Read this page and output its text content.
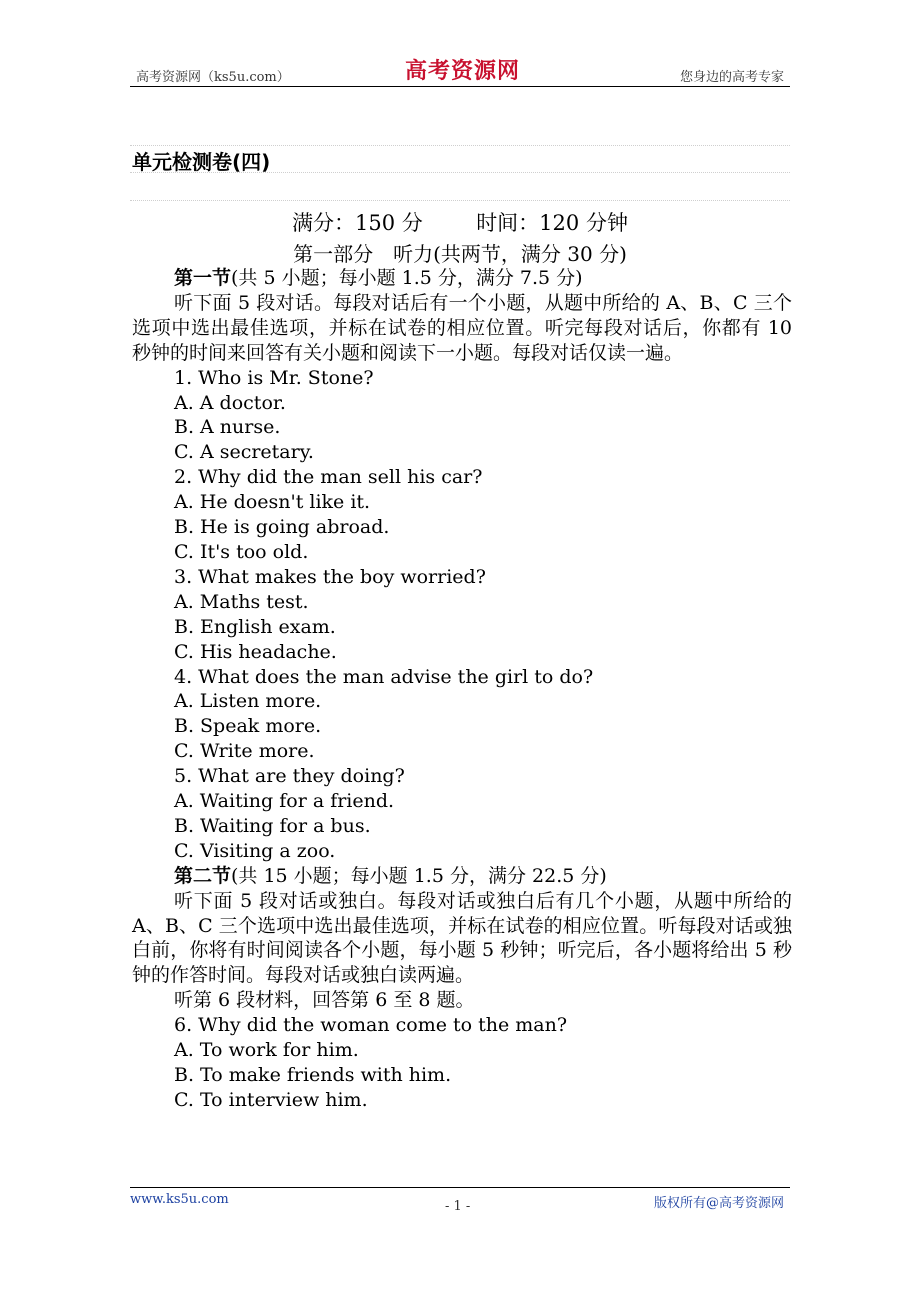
高考资源网（ks5u.com）	高考资源网	您身边的高考专家
单元检测卷(四)
满分：150 分	时间：120 分钟
第一部分　听力(共两节，满分 30 分)

第一节(共 5 小题；每小题 1.5 分，满分 7.5 分)

听下面 5 段对话。每段对话后有一个小题，从题中所给的 A、B、C 三个选项中选出最佳选项，并标在试卷的相应位置。听完每段对话后，你都有 10 秒钟的时间来回答有关小题和阅读下一小题。每段对话仅读一遍。

1. Who is Mr. Stone?

A. A doctor.

B. A nurse.

C. A secretary.

2. Why did the man sell his car?

A. He doesn't like it.

B. He is going abroad.

C. It's too old.

3. What makes the boy worried?

A. Maths test.

B. English exam.

C. His headache.

4. What does the man advise the girl to do?

A. Listen more.

B. Speak more.

C. Write more.

5. What are they doing?

A. Waiting for a friend.

B. Waiting for a bus.

C. Visiting a zoo.

第二节(共 15 小题；每小题 1.5 分，满分 22.5 分)

听下面 5 段对话或独白。每段对话或独白后有几个小题，从题中所给的 A、B、C 三个选项中选出最佳选项，并标在试卷的相应位置。听每段对话或独白前，你将有时间阅读各个小题，每小题 5 秒钟；听完后，各小题将给出 5 秒钟的作答时间。每段对话或独白读两遍。

听第 6 段材料，回答第 6 至 8 题。

6. Why did the woman come to the man?

A. To work for him.

B. To make friends with him.

C. To interview him.

www.ks5u.com	- 1 -	版权所有@高考资源网
